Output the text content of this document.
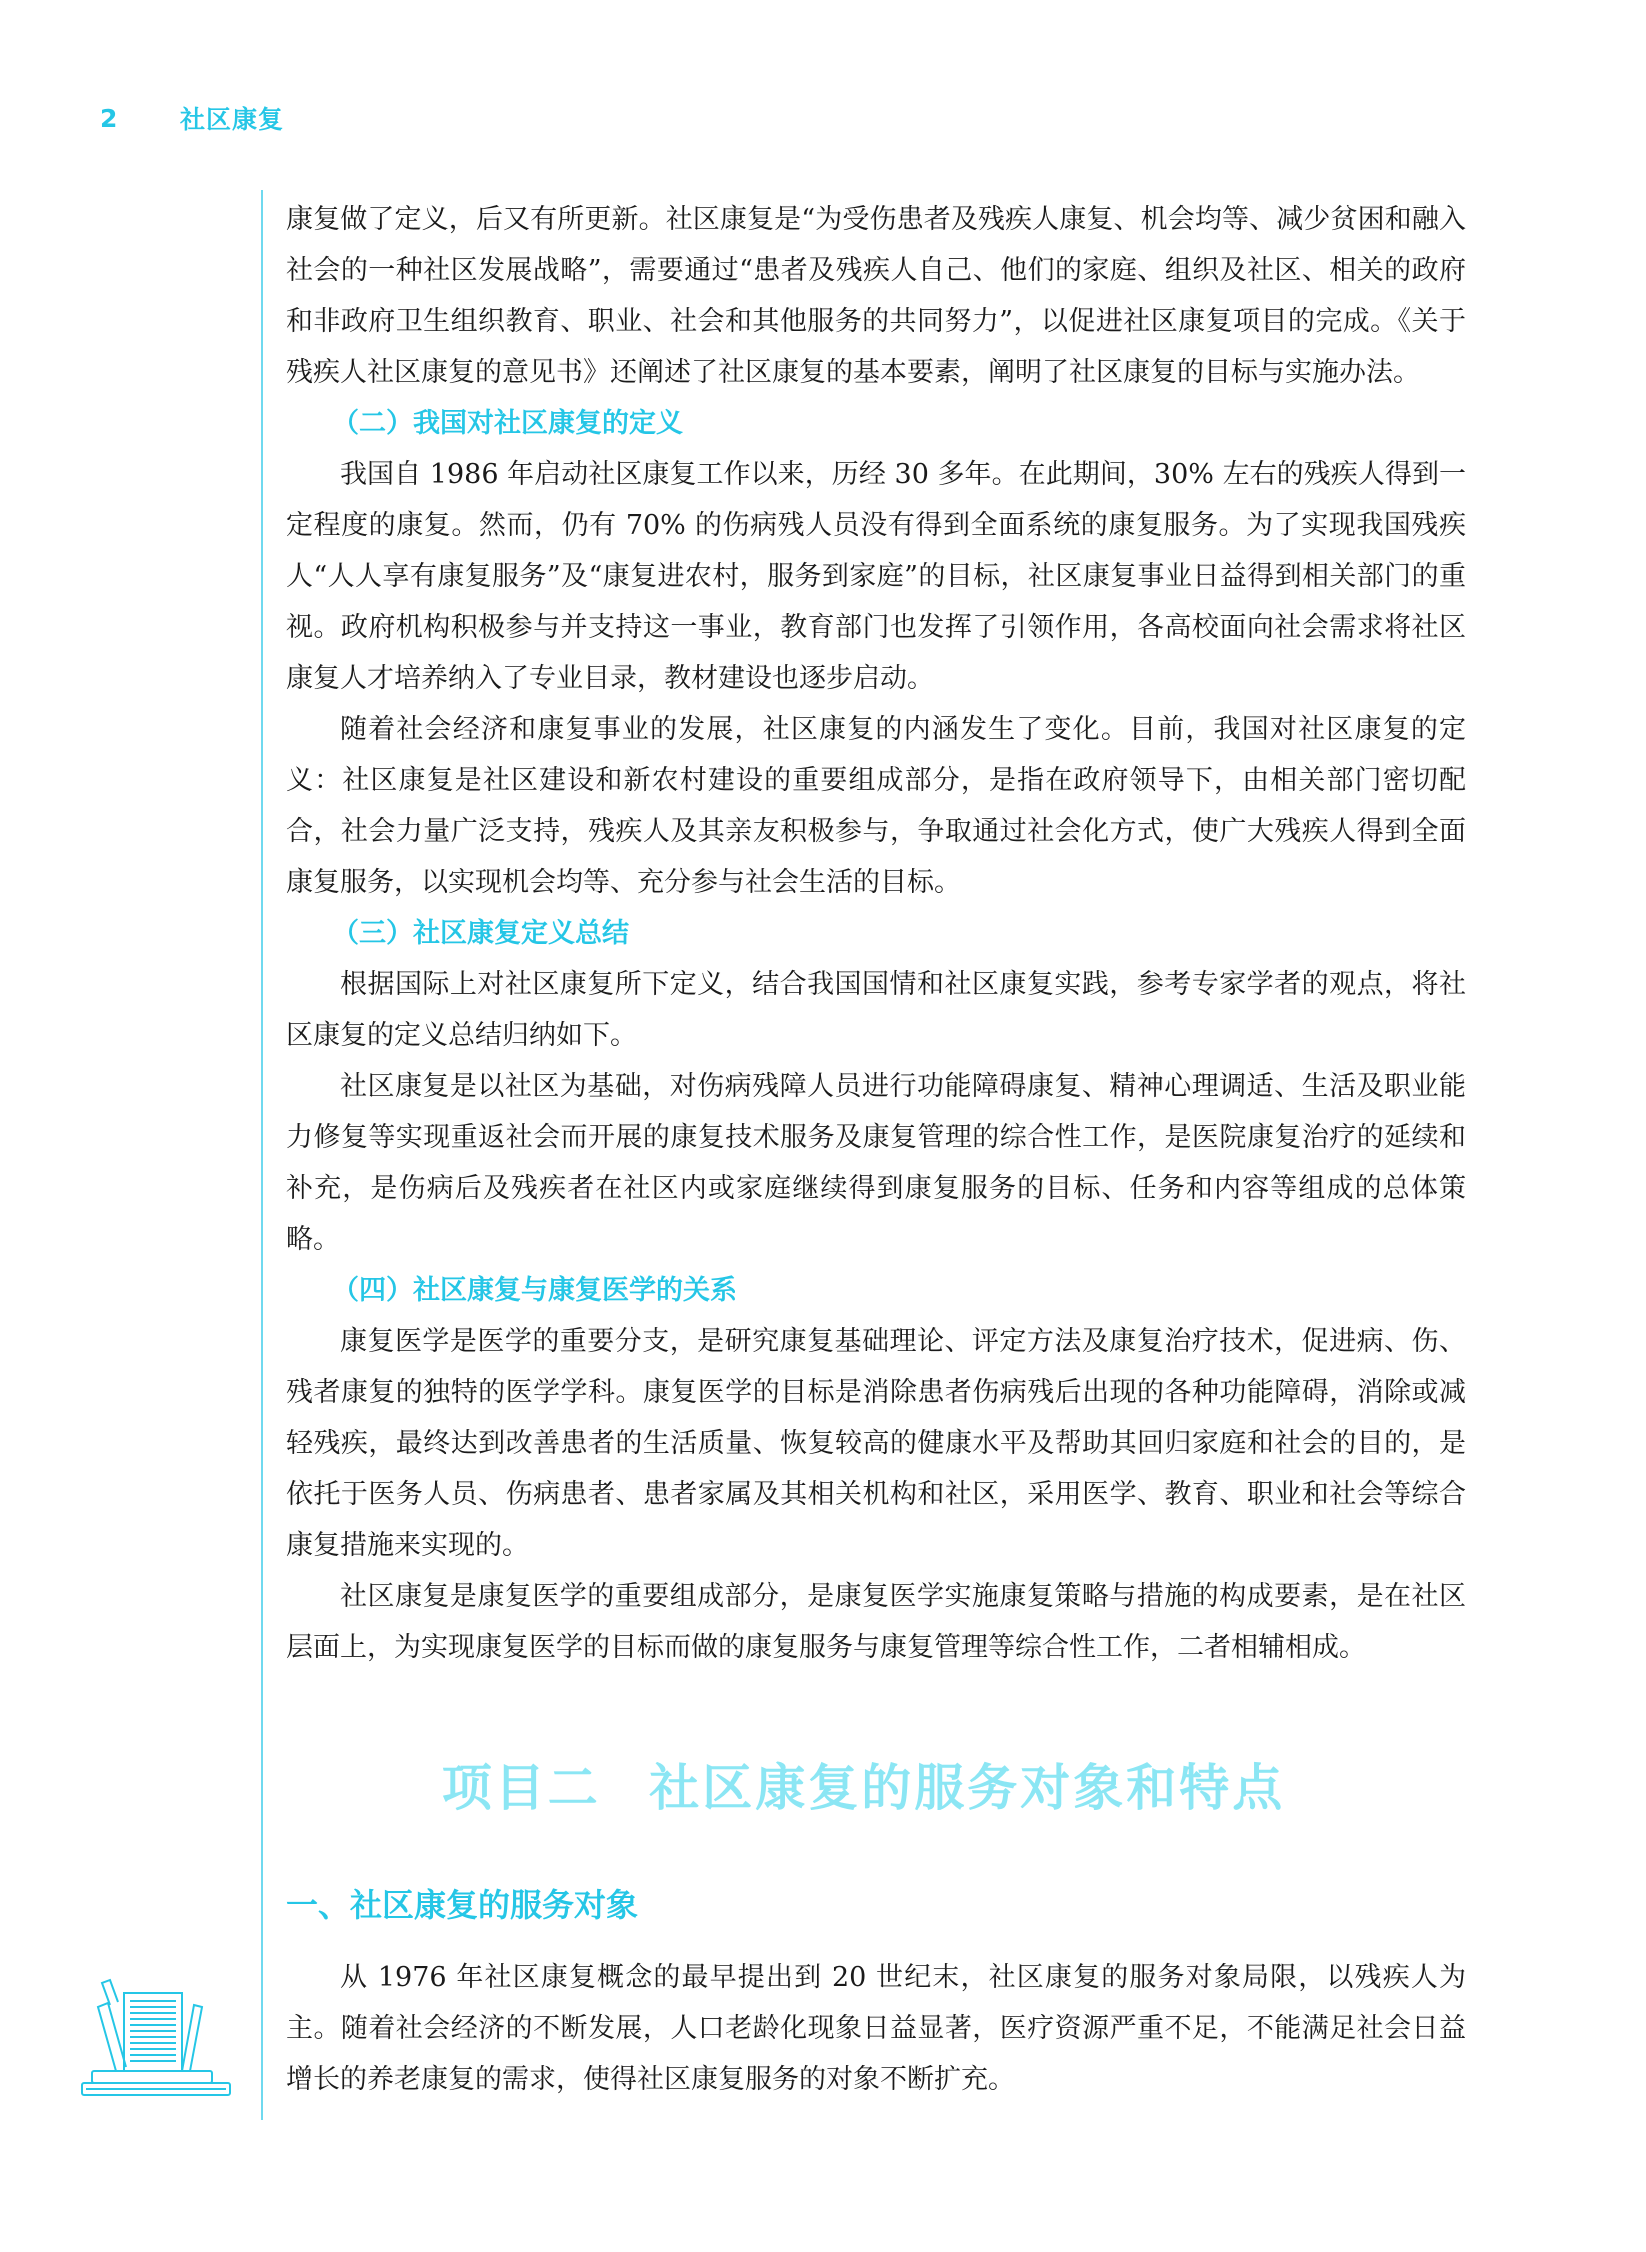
2	社区康复

康复做了定义，后又有所更新。社区康复是“为受伤患者及残疾人康复、机会均等、减少贫困和融入社会的一种社区发展战略”，需要通过“患者及残疾人自己、他们的家庭、组织及社区、相关的政府和非政府卫生组织教育、职业、社会和其他服务的共同努力”，以促进社区康复项目的完成。《关于残疾人社区康复的意见书》还阐述了社区康复的基本要素，阐明了社区康复的目标与实施办法。

（二）我国对社区康复的定义

我国自 1986 年启动社区康复工作以来，历经 30 多年。在此期间，30% 左右的残疾人得到一定程度的康复。然而，仍有 70% 的伤病残人员没有得到全面系统的康复服务。为了实现我国残疾人“人人享有康复服务”及“康复进农村，服务到家庭”的目标，社区康复事业日益得到相关部门的重视。政府机构积极参与并支持这一事业，教育部门也发挥了引领作用，各高校面向社会需求将社区康复人才培养纳入了专业目录，教材建设也逐步启动。

随着社会经济和康复事业的发展，社区康复的内涵发生了变化。目前，我国对社区康复的定义：社区康复是社区建设和新农村建设的重要组成部分，是指在政府领导下，由相关部门密切配合，社会力量广泛支持，残疾人及其亲友积极参与，争取通过社会化方式，使广大残疾人得到全面康复服务，以实现机会均等、充分参与社会生活的目标。

（三）社区康复定义总结

根据国际上对社区康复所下定义，结合我国国情和社区康复实践，参考专家学者的观点，将社区康复的定义总结归纳如下。

社区康复是以社区为基础，对伤病残障人员进行功能障碍康复、精神心理调适、生活及职业能力修复等实现重返社会而开展的康复技术服务及康复管理的综合性工作，是医院康复治疗的延续和补充，是伤病后及残疾者在社区内或家庭继续得到康复服务的目标、任务和内容等组成的总体策略。

（四）社区康复与康复医学的关系

康复医学是医学的重要分支，是研究康复基础理论、评定方法及康复治疗技术，促进病、伤、残者康复的独特的医学学科。康复医学的目标是消除患者伤病残后出现的各种功能障碍，消除或减轻残疾，最终达到改善患者的生活质量、恢复较高的健康水平及帮助其回归家庭和社会的目的，是依托于医务人员、伤病患者、患者家属及其相关机构和社区，采用医学、教育、职业和社会等综合康复措施来实现的。

社区康复是康复医学的重要组成部分，是康复医学实施康复策略与措施的构成要素，是在社区层面上，为实现康复医学的目标而做的康复服务与康复管理等综合性工作，二者相辅相成。

项目二 社区康复的服务对象和特点
一、社区康复的服务对象

从 1976 年社区康复概念的最早提出到 20 世纪末，社区康复的服务对象局限，以残疾人为主。随着社会经济的不断发展，人口老龄化现象日益显著，医疗资源严重不足，不能满足社会日益增长的养老康复的需求，使得社区康复服务的对象不断扩充。
